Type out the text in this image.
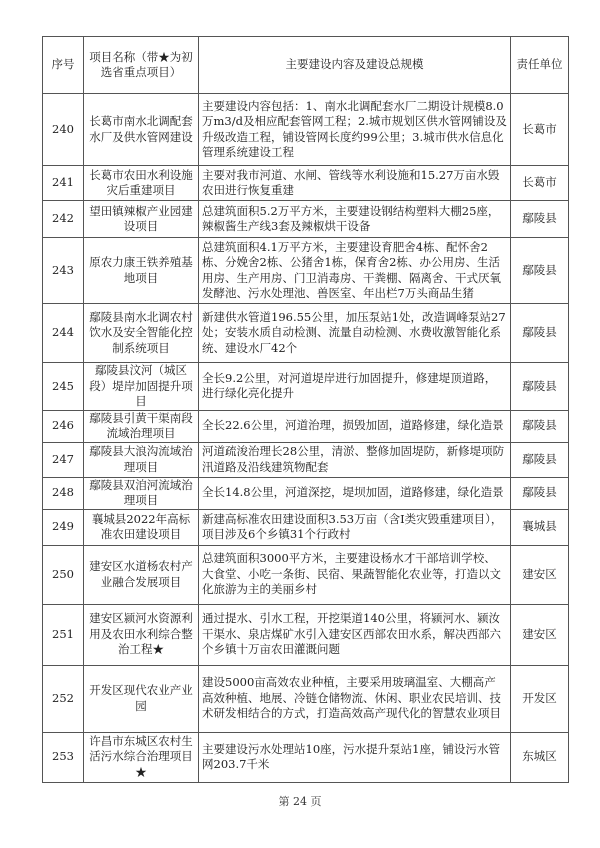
序号	项目名称（带★为初选省重点项目）	主要建设内容及建设总规模	责任单位
240	长葛市南水北调配套水厂及供水管网建设	主要建设内容包括：1、南水北调配套水厂二期设计规模8.0万m3/d及相应配套管网工程；2.城市规划区供水管网铺设及升级改造工程，铺设管网长度约99公里；3.城市供水信息化管理系统建设工程	长葛市
241	长葛市农田水利设施灾后重建项目	主要对我市河道、水闸、管线等水利设施和15.27万亩水毁农田进行恢复重建	长葛市
242	望田镇辣椒产业园建设项目	总建筑面积5.2万平方米，主要建设钢结构塑料大棚25座，辣椒酱生产线3套及辣椒烘干设备	鄢陵县
243	原农力康王铁养殖基地项目	总建筑面积4.1万平方米，主要建设育肥舍4栋、配怀舍2栋、分娩舍2栋、公猪舍1栋，保育舍2栋、办公用房、生活用房、生产用房、门卫消毒房、干粪棚、隔离舍、干式厌氧发酵池、污水处理池、兽医室、年出栏7万头商品生猪	鄢陵县
244	鄢陵县南水北调农村饮水及安全智能化控制系统项目	新建供水管道196.55公里，加压泵站1处，改造调峰泵站27处；安装水质自动检测、流量自动检测、水费收激智能化系统、建设水厂42个	鄢陵县
245	鄢陵县汶河（城区段）堤岸加固提升项目	全长9.2公里，对河道堤岸进行加固提升，修建堤顶道路，进行绿化亮化提升	鄢陵县
246	鄢陵县引黄干渠南段流域治理项目	全长22.6公里，河道治理，损毁加固，道路修建，绿化造景	鄢陵县
247	鄢陵县大浪沟流域治理项目	河道疏浚治理长28公里，清淤、整修加固堤防，新修堤项防汛道路及沿线建筑物配套	鄢陵县
248	鄢陵县双洎河流域治理项目	全长14.8公里，河道深挖，堤坝加固，道路修建，绿化造景	鄢陵县
249	襄城县2022年高标准农田建设项目	新建高标准农田建设面积3.53万亩（含I类灾毁重建项目），项目涉及6个乡镇31个行政村	襄城县
250	建安区水道杨农村产业融合发展项目	总建筑面积3000平方米，主要建设杨水才干部培训学校、大食堂、小吃一条街、民宿、果蔬智能化农业等，打造以文化旅游为主的美丽乡村	建安区
251	建安区颍河水资源利用及农田水利综合整治工程★	通过提水、引水工程，开挖渠道140公里，将颍河水、颍汝干渠水、泉店煤矿水引入建安区西部农田水系，解决西部六个乡镇十万亩农田灌溉问题	建安区
252	开发区现代农业产业园	建设5000亩高效农业种植，主要采用玻璃温室、大棚高产高效种植、地展、冷链仓储物流、休闲、职业农民培训、技术研发相结合的方式，打造高效高产现代化的智慧农业项目	开发区
253	许昌市东城区农村生活污水综合治理项目★	主要建设污水处理站10座，污水提升泵站1座，铺设污水管网203.7千米	东城区
第 24 页
